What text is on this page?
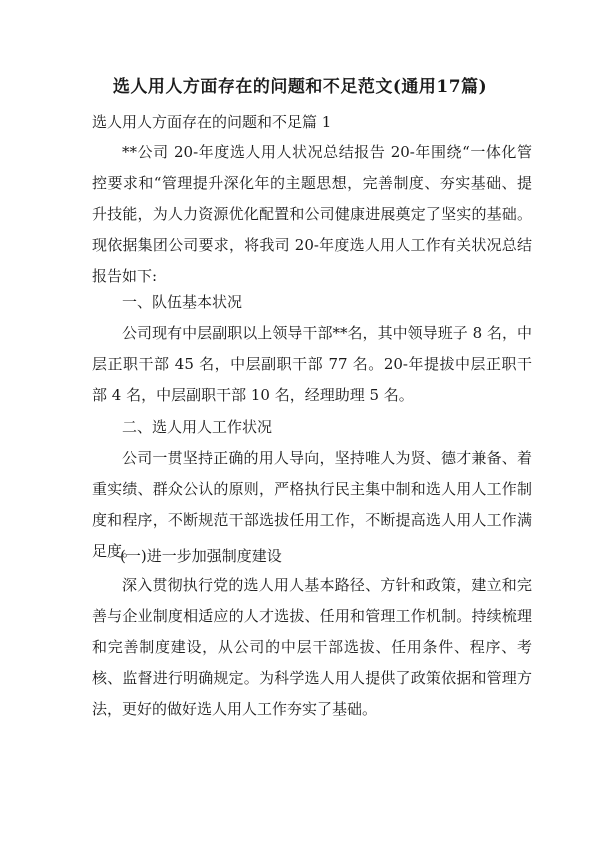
选人用人方面存在的问题和不足范文(通用17篇)
选人用人方面存在的问题和不足篇 1

**公司 20-年度选人用人状况总结报告 20-年围绕“一体化管控要求和“管理提升深化年的主题思想，完善制度、夯实基础、提升技能，为人力资源优化配置和公司健康进展奠定了坚实的基础。现依据集团公司要求，将我司 20-年度选人用人工作有关状况总结报告如下:

一、队伍基本状况

公司现有中层副职以上领导干部**名，其中领导班子 8 名，中层正职干部 45 名，中层副职干部 77 名。20-年提拔中层正职干部 4 名，中层副职干部 10 名，经理助理 5 名。

二、选人用人工作状况

公司一贯坚持正确的用人导向，坚持唯人为贤、德才兼备、着重实绩、群众公认的原则，严格执行民主集中制和选人用人工作制度和程序，不断规范干部选拔任用工作，不断提高选人用人工作满足度。

(一)进一步加强制度建设

深入贯彻执行党的选人用人基本路径、方针和政策，建立和完善与企业制度相适应的人才选拔、任用和管理工作机制。持续梳理和完善制度建设，从公司的中层干部选拔、任用条件、程序、考核、监督进行明确规定。为科学选人用人提供了政策依据和管理方法，更好的做好选人用人工作夯实了基础。
